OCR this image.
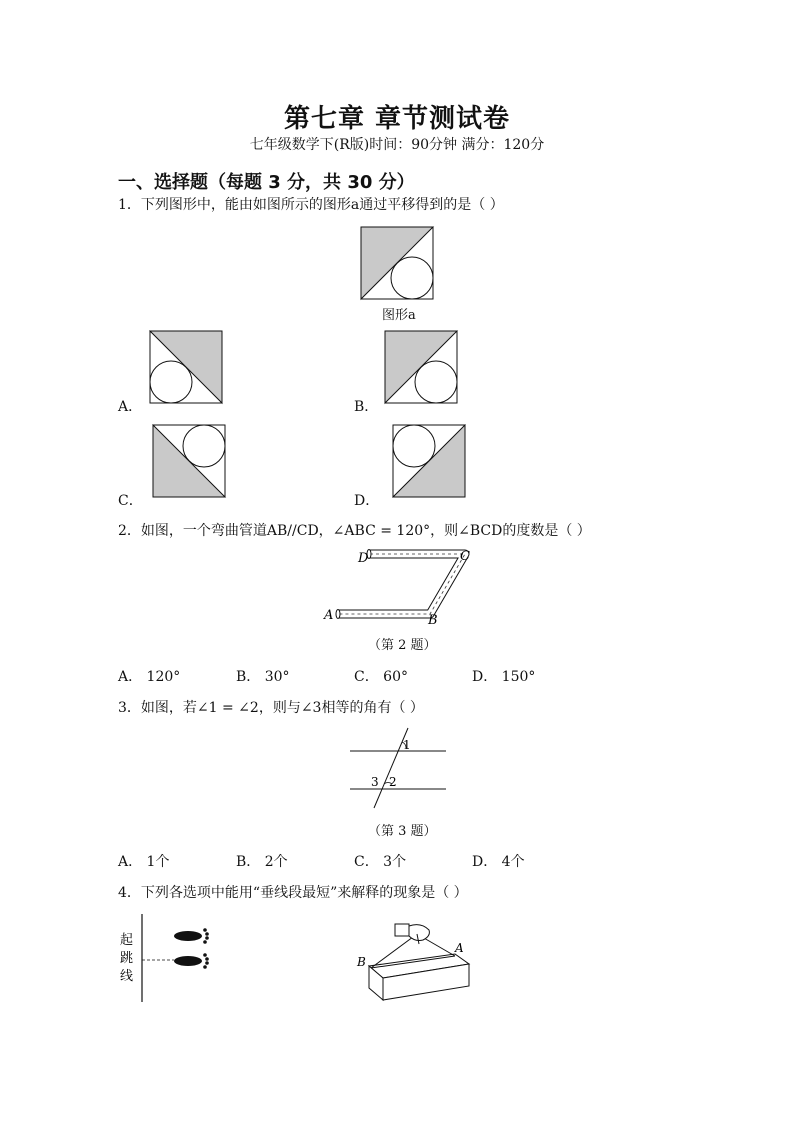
第七章 章节测试卷
七年级数学下(R版)时间：90分钟 满分：120分
一、选择题（每题 3 分，共 30 分）
1．下列图形中，能由如图所示的图形a通过平移得到的是（ ）
图形a
A．	B．
C．	D．
2．如图，一个弯曲管道AB//CD，∠ABC = 120°，则∠BCD的度数是（ ）
D	C
A	B
（第 2 题）
A． 120°	B． 30°	C． 60°	D． 150°
3．如图，若∠1 = ∠2，则与∠3相等的角有（ ）
1
3 2
（第 3 题）
A． 1个	B． 2个	C． 3个	D． 4个
4．下列各选项中能用“垂线段最短”来解释的现象是（ ）
起
跳
线
A
B
